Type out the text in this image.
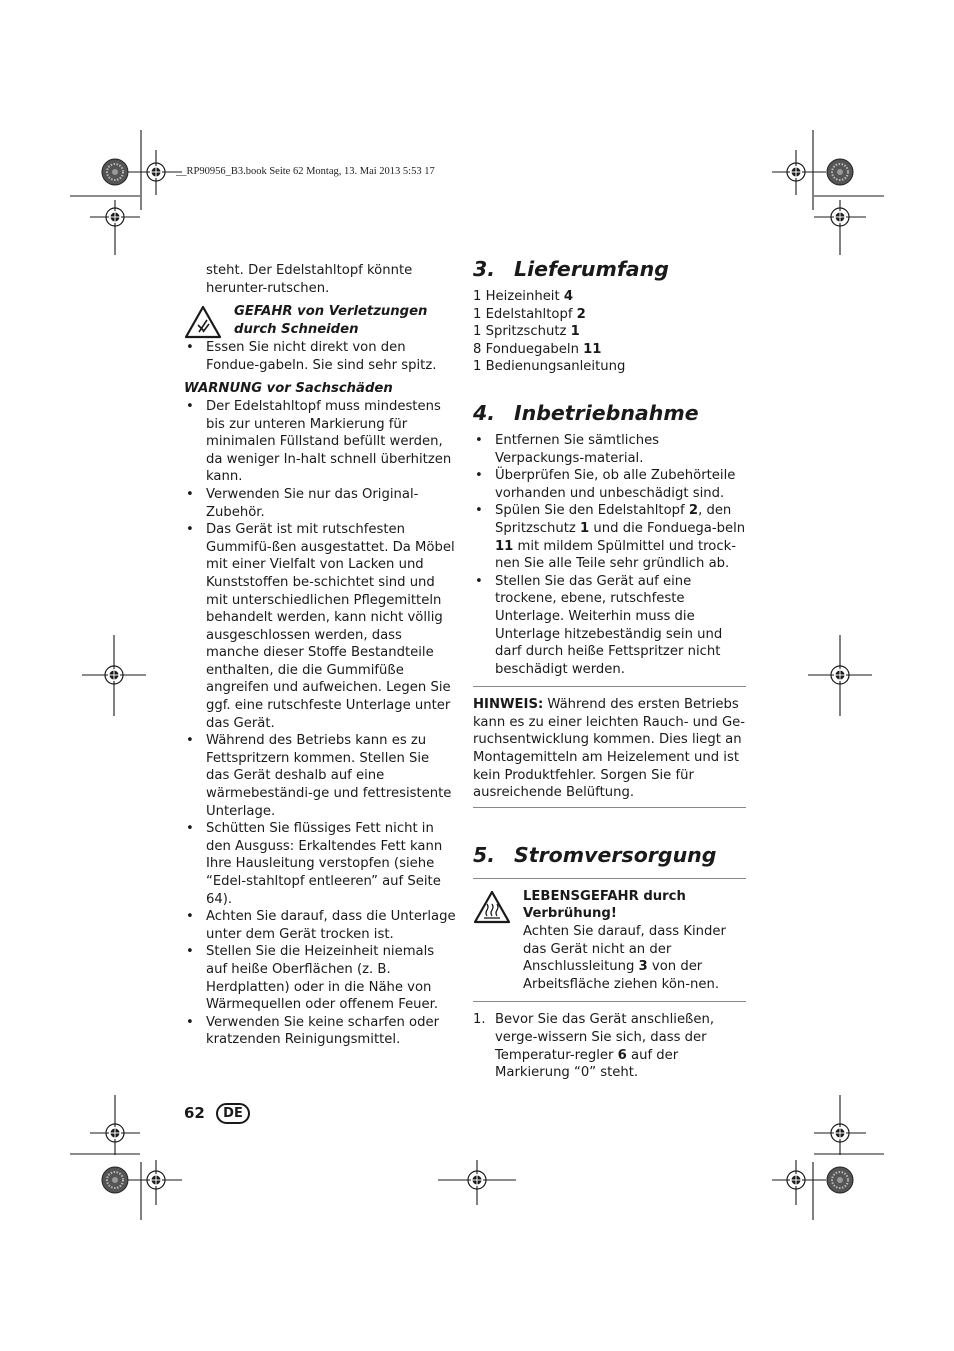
__RP90956_B3.book Seite 62 Montag, 13. Mai 2013 5:53 17

steht. Der Edelstahltopf könnte herunter-rutschen.

GEFAHR von Verletzungen durch Schneiden

• Essen Sie nicht direkt von den Fondue-gabeln. Sie sind sehr spitz.

WARNUNG vor Sachschäden

• Der Edelstahltopf muss mindestens bis zur unteren Markierung für minimalen Füllstand befüllt werden, da weniger In-halt schnell überhitzen kann.

• Verwenden Sie nur das Original-Zubehör.

• Das Gerät ist mit rutschfesten Gummifü-ßen ausgestattet. Da Möbel mit einer Vielfalt von Lacken und Kunststoffen be-schichtet sind und mit unterschiedlichen Pflegemitteln behandelt werden, kann nicht völlig ausgeschlossen werden, dass manche dieser Stoffe Bestandteile enthalten, die die Gummifüße angreifen und aufweichen. Legen Sie ggf. eine rutschfeste Unterlage unter das Gerät.

• Während des Betriebs kann es zu Fettspritzern kommen. Stellen Sie das Gerät deshalb auf eine wärmebeständi-ge und fettresistente Unterlage.

• Schütten Sie flüssiges Fett nicht in den Ausguss: Erkaltendes Fett kann Ihre Hausleitung verstopfen (siehe “Edel-stahltopf entleeren” auf Seite 64).

• Achten Sie darauf, dass die Unterlage unter dem Gerät trocken ist.

• Stellen Sie die Heizeinheit niemals auf heiße Oberflächen (z. B. Herdplatten) oder in die Nähe von Wärmequellen oder offenem Feuer.

• Verwenden Sie keine scharfen oder kratzenden Reinigungsmittel.

3. Lieferumfang

1 Heizeinheit 4

1 Edelstahltopf 2

1 Spritzschutz 1

8 Fonduegabeln 11

1 Bedienungsanleitung

4. Inbetriebnahme

• Entfernen Sie sämtliches Verpackungs-material.

• Überprüfen Sie, ob alle Zubehörteile vorhanden und unbeschädigt sind.

• Spülen Sie den Edelstahltopf 2, den Spritzschutz 1 und die Fonduega-beln 11 mit mildem Spülmittel und trock-nen Sie alle Teile sehr gründlich ab.

• Stellen Sie das Gerät auf eine trockene, ebene, rutschfeste Unterlage. Weiterhin muss die Unterlage hitzebeständig sein und darf durch heiße Fettspritzer nicht beschädigt werden.

HINWEIS: Während des ersten Betriebs kann es zu einer leichten Rauch- und Ge-ruchsentwicklung kommen. Dies liegt an Montagemitteln am Heizelement und ist kein Produktfehler. Sorgen Sie für ausreichende Belüftung.

5. Stromversorgung

LEBENSGEFAHR durch Verbrühung!

Achten Sie darauf, dass Kinder das Gerät nicht an der Anschlussleitung 3 von der Arbeitsfläche ziehen kön-nen.

1. Bevor Sie das Gerät anschließen, verge-wissern Sie sich, dass der Temperatur-regler 6 auf der Markierung “0” steht.

62	DE
